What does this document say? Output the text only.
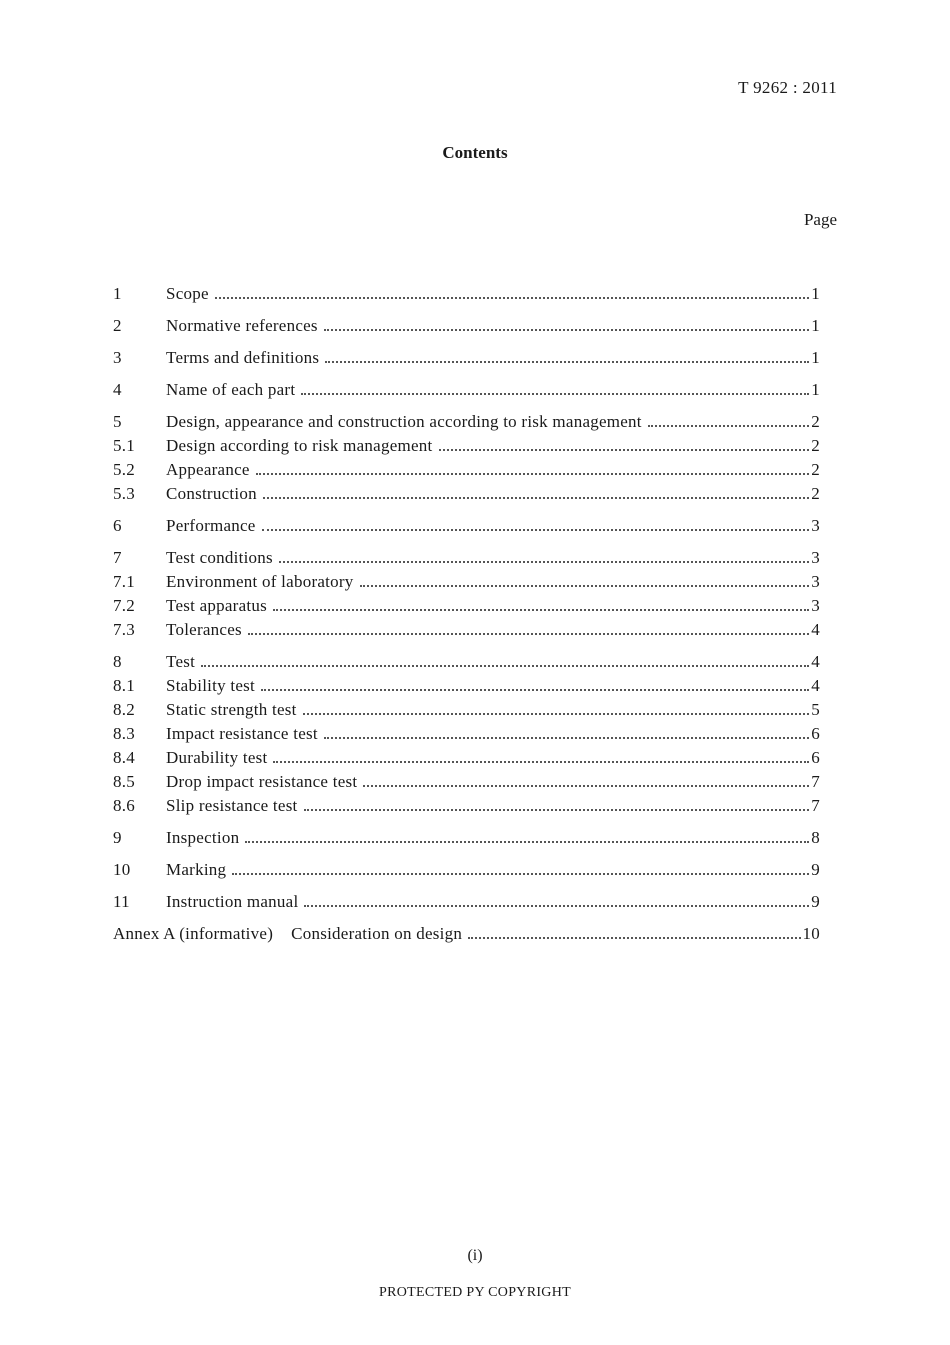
T 9262 : 2011
Contents
Page
1	Scope	1
2	Normative references	1
3	Terms and definitions	1
4	Name of each part	1
5	Design, appearance and construction according to risk management	2
5.1	Design according to risk management	2
5.2	Appearance	2
5.3	Construction	2
6	Performance	3
7	Test conditions	3
7.1	Environment of laboratory	3
7.2	Test apparatus	3
7.3	Tolerances	4
8	Test	4
8.1	Stability test	4
8.2	Static strength test	5
8.3	Impact resistance test	6
8.4	Durability test	6
8.5	Drop impact resistance test	7
8.6	Slip resistance test	7
9	Inspection	8
10	Marking	9
11	Instruction manual	9
Annex A (informative)	Consideration on design	10
(i)
PROTECTED PY COPYRIGHT
